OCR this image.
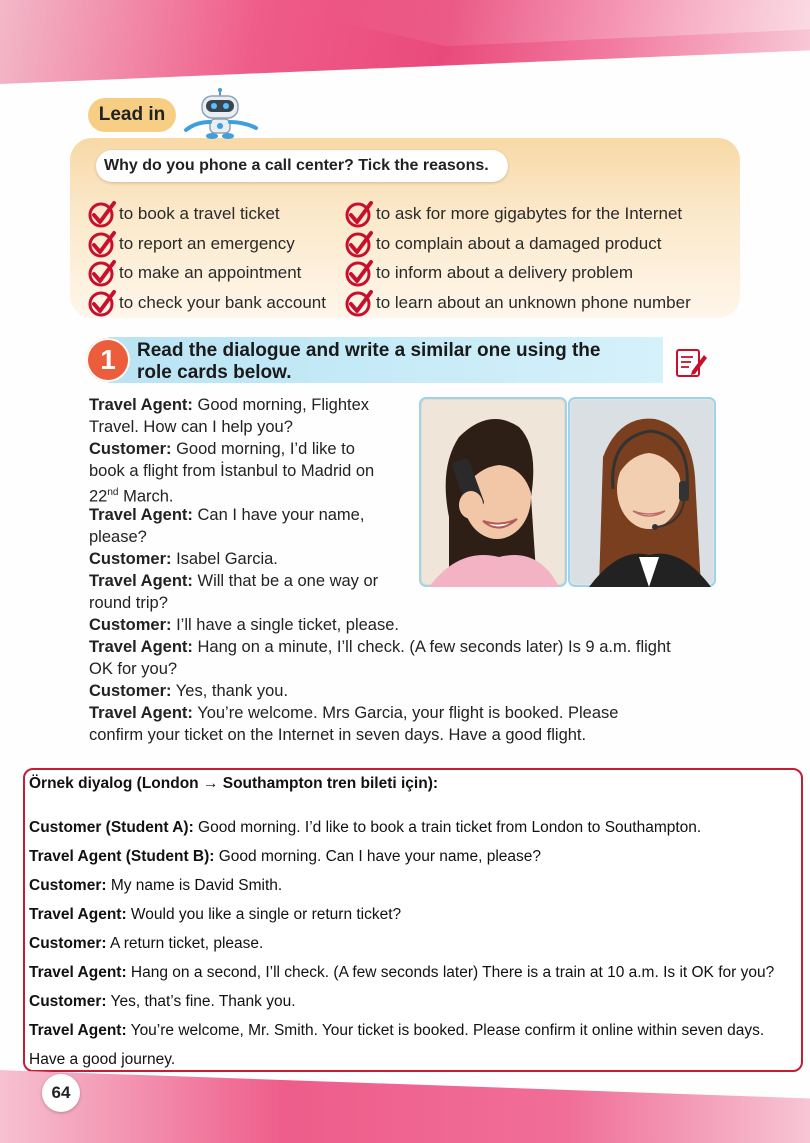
Lead in
Why do you phone a call center? Tick the reasons.
to book a travel ticket
to report an emergency
to make an appointment
to check your bank account
to ask for more gigabytes for the Internet
to complain about a damaged product
to inform about a delivery problem
to learn about an unknown phone number
1	Read the dialogue and write a similar one using the
role cards below.
Travel Agent: Good morning, Flightex
Travel. How can I help you?
Customer: Good morning, I’d like to
book a flight from İstanbul to Madrid on
22nd March.
Travel Agent: Can I have your name,
please?
Customer: Isabel Garcia.
Travel Agent: Will that be a one way or
round trip?
Customer: I’ll have a single ticket, please.
Travel Agent: Hang on a minute, I’ll check. (A few seconds later) Is 9 a.m. flight
OK for you?
Customer: Yes, thank you.
Travel Agent: You’re welcome. Mrs Garcia, your flight is booked. Please
confirm your ticket on the Internet in seven days. Have a good flight.
Örnek diyalog (London → Southampton tren bileti için):
Customer (Student A): Good morning. I’d like to book a train ticket from London to Southampton.
Travel Agent (Student B): Good morning. Can I have your name, please?
Customer: My name is David Smith.
Travel Agent: Would you like a single or return ticket?
Customer: A return ticket, please.
Travel Agent: Hang on a second, I’ll check. (A few seconds later) There is a train at 10 a.m. Is it OK for you?
Customer: Yes, that’s fine. Thank you.
Travel Agent: You’re welcome, Mr. Smith. Your ticket is booked. Please confirm it online within seven days.
Have a good journey.
64
